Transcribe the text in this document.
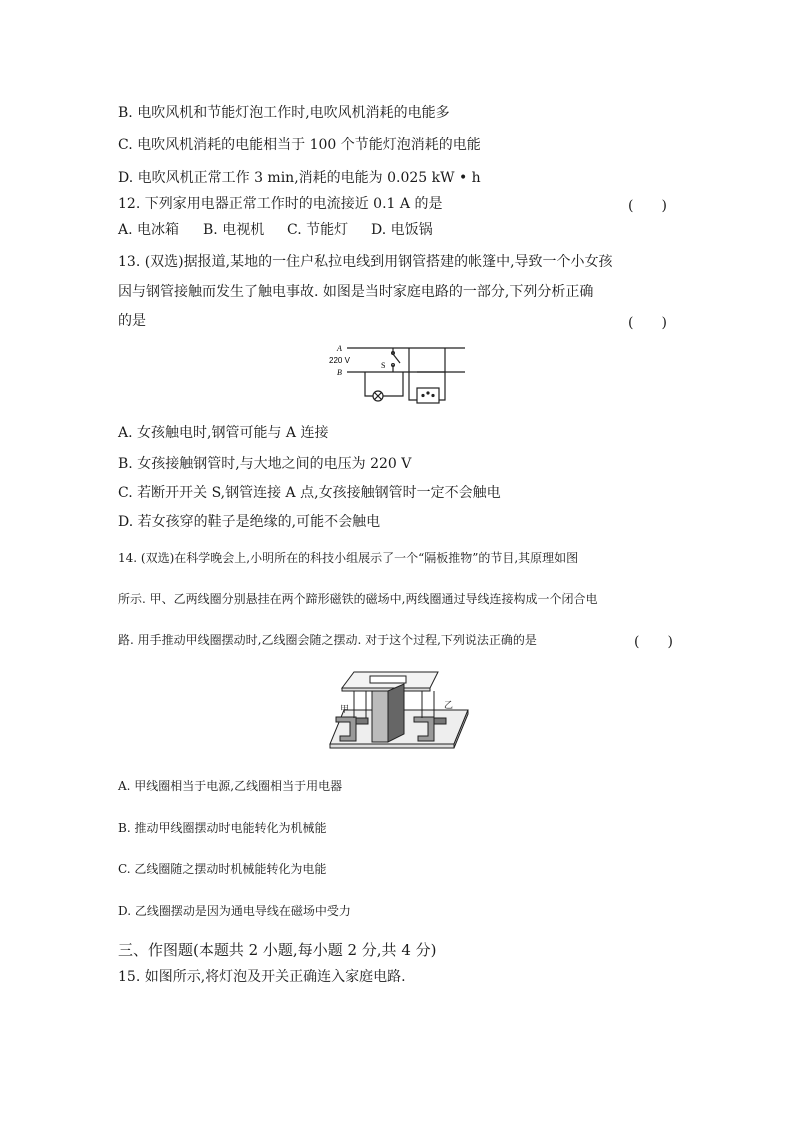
B. 电吹风机和节能灯泡工作时,电吹风机消耗的电能多
C. 电吹风机消耗的电能相当于 100 个节能灯泡消耗的电能
D. 电吹风机正常工作 3 min,消耗的电能为 0.025 kW • h
12. 下列家用电器正常工作时的电流接近 0.1 A 的是	(　　)
A. 电冰箱 B. 电视机 C. 节能灯 D. 电饭锅
13. (双选)据报道,某地的一住户私拉电线到用钢管搭建的帐篷中,导致一个小女孩
因与钢管接触而发生了触电事故. 如图是当时家庭电路的一部分,下列分析正确
的是	(　　)
A
220 V
B
S
A. 女孩触电时,钢管可能与 A 连接
B. 女孩接触钢管时,与大地之间的电压为 220 V
C. 若断开开关 S,钢管连接 A 点,女孩接触钢管时一定不会触电
D. 若女孩穿的鞋子是绝缘的,可能不会触电
14. (双选)在科学晚会上,小明所在的科技小组展示了一个“隔板推物”的节目,其原理如图
所示. 甲、乙两线圈分别悬挂在两个蹄形磁铁的磁场中,两线圈通过导线连接构成一个闭合电
路. 用手推动甲线圈摆动时,乙线圈会随之摆动. 对于这个过程,下列说法正确的是	(　　)
甲	乙
A. 甲线圈相当于电源,乙线圈相当于用电器
B. 推动甲线圈摆动时电能转化为机械能
C. 乙线圈随之摆动时机械能转化为电能
D. 乙线圈摆动是因为通电导线在磁场中受力
三、作图题(本题共 2 小题,每小题 2 分,共 4 分)
15. 如图所示,将灯泡及开关正确连入家庭电路.
